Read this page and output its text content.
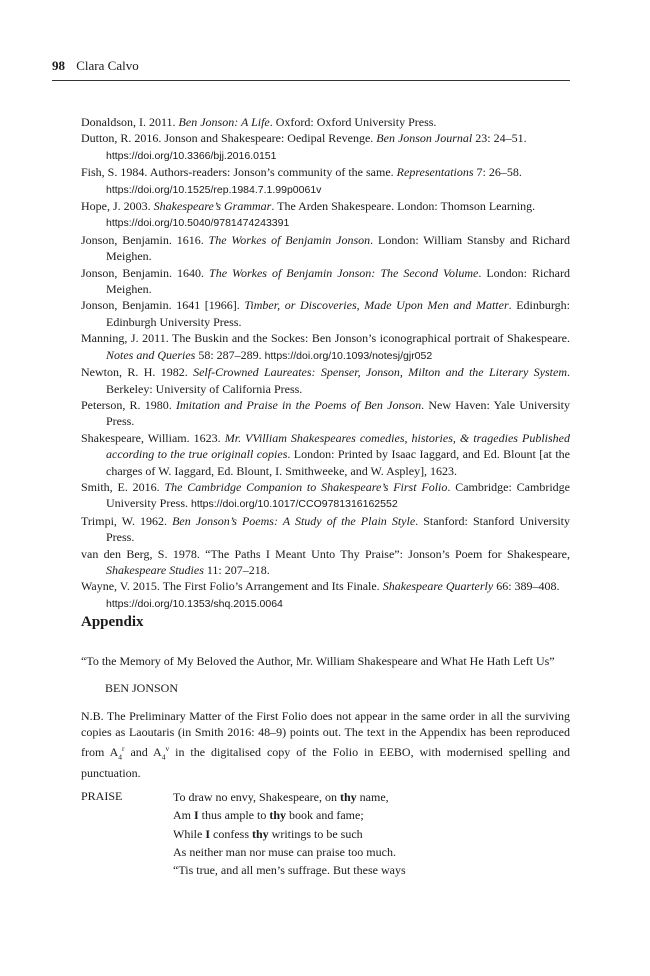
98 Clara Calvo

Donaldson, I. 2011. Ben Jonson: A Life. Oxford: Oxford University Press.

Dutton, R. 2016. Jonson and Shakespeare: Oedipal Revenge. Ben Jonson Journal 23: 24–51.
https://doi.org/10.3366/bjj.2016.0151

Fish, S. 1984. Authors-readers: Jonson’s community of the same. Representations 7: 26–58.
https://doi.org/10.1525/rep.1984.7.1.99p0061v

Hope, J. 2003. Shakespeare’s Grammar. The Arden Shakespeare. London: Thomson Learning.
https://doi.org/10.5040/9781474243391

Jonson, Benjamin. 1616. The Workes of Benjamin Jonson. London: William Stansby and Richard Meighen.

Jonson, Benjamin. 1640. The Workes of Benjamin Jonson: The Second Volume. London: Richard Meighen.

Jonson, Benjamin. 1641 [1966]. Timber, or Discoveries, Made Upon Men and Matter. Edinburgh: Edinburgh University Press.

Manning, J. 2011. The Buskin and the Sockes: Ben Jonson’s iconographical portrait of Shakespeare. Notes and Queries 58: 287–289. https://doi.org/10.1093/notesj/gjr052

Newton, R. H. 1982. Self-Crowned Laureates: Spenser, Jonson, Milton and the Literary System. Berkeley: University of California Press.

Peterson, R. 1980. Imitation and Praise in the Poems of Ben Jonson. New Haven: Yale University Press.

Shakespeare, William. 1623. Mr. VVilliam Shakespeares comedies, histories, & tragedies Published according to the true originall copies. London: Printed by Isaac Iaggard, and Ed. Blount [at the charges of W. Iaggard, Ed. Blount, I. Smithweeke, and W. Aspley], 1623.

Smith, E. 2016. The Cambridge Companion to Shakespeare’s First Folio. Cambridge: Cambridge University Press. https://doi.org/10.1017/CCO9781316162552

Trimpi, W. 1962. Ben Jonson’s Poems: A Study of the Plain Style. Stanford: Stanford University Press.

van den Berg, S. 1978. “The Paths I Meant Unto Thy Praise”: Jonson’s Poem for Shakespeare, Shakespeare Studies 11: 207–218.

Wayne, V. 2015. The First Folio’s Arrangement and Its Finale. Shakespeare Quarterly 66: 389–408.
https://doi.org/10.1353/shq.2015.0064

Appendix

“To the Memory of My Beloved the Author, Mr. William Shakespeare and What He Hath Left Us”

BEN JONSON

N.B. The Preliminary Matter of the First Folio does not appear in the same order in all the surviving copies as Laoutaris (in Smith 2016: 48–9) points out. The text in the Appendix has been reproduced from $A_4^r$ and $A_4^v$ in the digitalised copy of the Folio in EEBO, with modernised spelling and punctuation.

PRAISE	To draw no envy, Shakespeare, on thy name,
Am I thus ample to thy book and fame;
While I confess thy writings to be such
As neither man nor muse can praise too much.
“Tis true, and all men’s suffrage. But these ways
